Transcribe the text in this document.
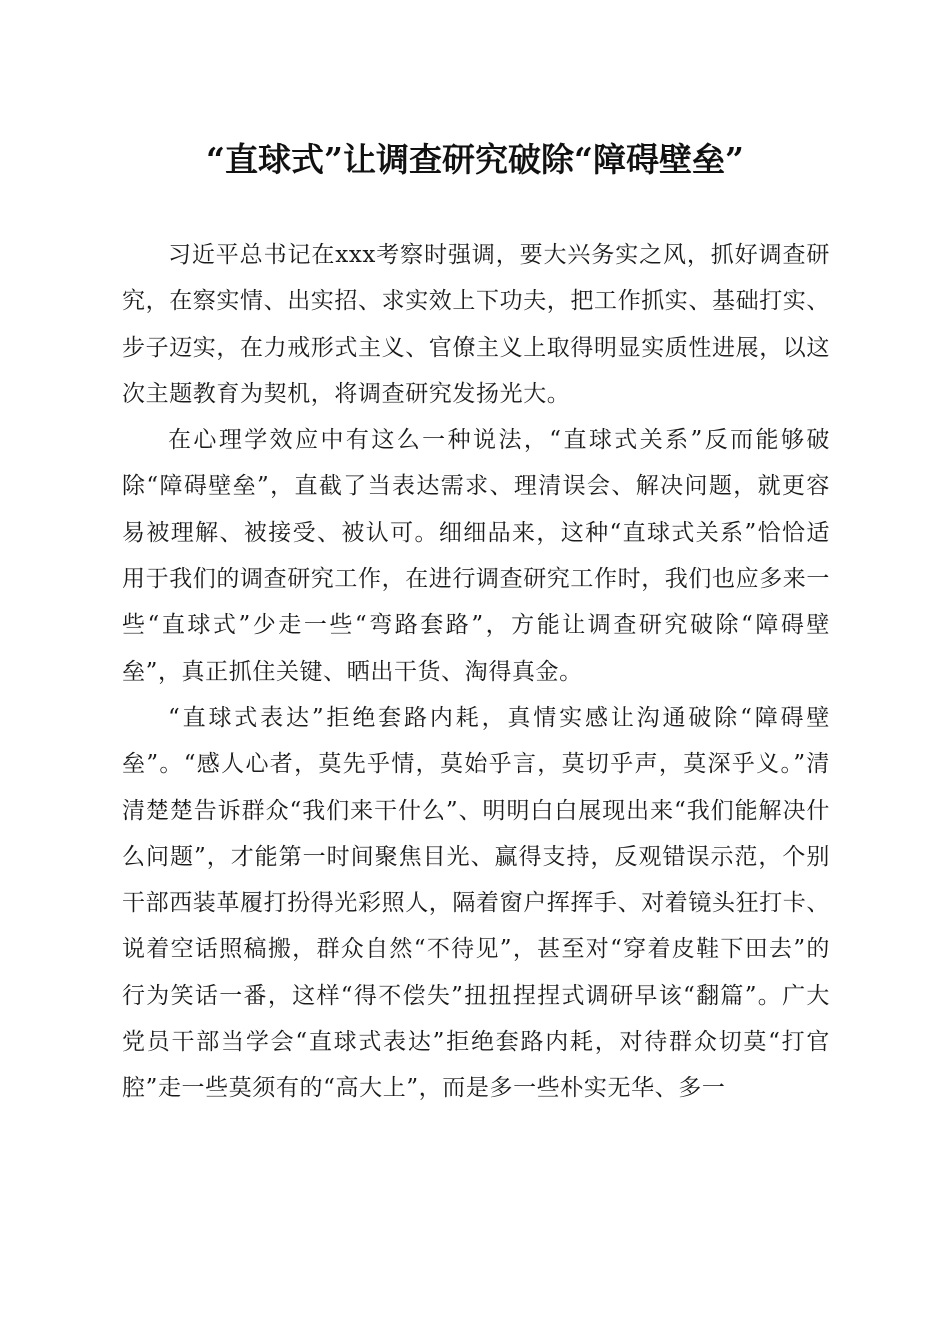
“直球式”让调查研究破除“障碍壁垒”

习近平总书记在xxx考察时强调，要大兴务实之风，抓好调查研究，在察实情、出实招、求实效上下功夫，把工作抓实、基础打实、步子迈实，在力戒形式主义、官僚主义上取得明显实质性进展，以这次主题教育为契机，将调查研究发扬光大。

在心理学效应中有这么一种说法，“直球式关系”反而能够破除“障碍壁垒”，直截了当表达需求、理清误会、解决问题，就更容易被理解、被接受、被认可。细细品来，这种“直球式关系”恰恰适用于我们的调查研究工作，在进行调查研究工作时，我们也应多来一些“直球式”少走一些“弯路套路”，方能让调查研究破除“障碍壁垒”，真正抓住关键、晒出干货、淘得真金。

“直球式表达”拒绝套路内耗，真情实感让沟通破除“障碍壁垒”。“感人心者，莫先乎情，莫始乎言，莫切乎声，莫深乎义。”清清楚楚告诉群众“我们来干什么”、明明白白展现出来“我们能解决什么问题”，才能第一时间聚焦目光、赢得支持，反观错误示范，个别干部西装革履打扮得光彩照人，隔着窗户挥挥手、对着镜头狂打卡、说着空话照稿搬，群众自然“不待见”，甚至对“穿着皮鞋下田去”的行为笑话一番，这样“得不偿失”扭扭捏捏式调研早该“翻篇”。广大党员干部当学会“直球式表达”拒绝套路内耗，对待群众切莫“打官腔”走一些莫须有的“高大上”，而是多一些朴实无华、多一
